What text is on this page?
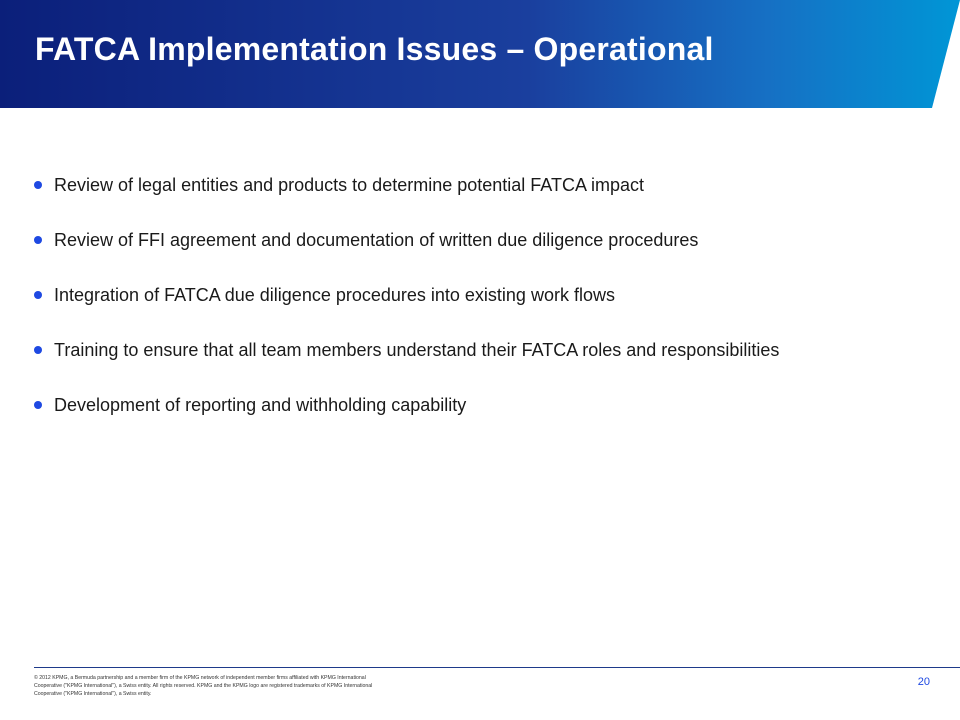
FATCA Implementation Issues – Operational
Review of legal entities and products to determine potential FATCA impact
Review of FFI agreement and documentation of written due diligence procedures
Integration of FATCA due diligence procedures into existing work flows
Training to ensure that all team members understand their FATCA roles and responsibilities
Development of reporting and withholding capability
© 2012 KPMG, a Bermuda partnership and a member firm of the KPMG network of independent member firms affiliated with KPMG International Cooperative ("KPMG International"), a Swiss entity. All rights reserved. KPMG and the KPMG logo are registered trademarks of KPMG International Cooperative ("KPMG International"), a Swiss entity.
20
